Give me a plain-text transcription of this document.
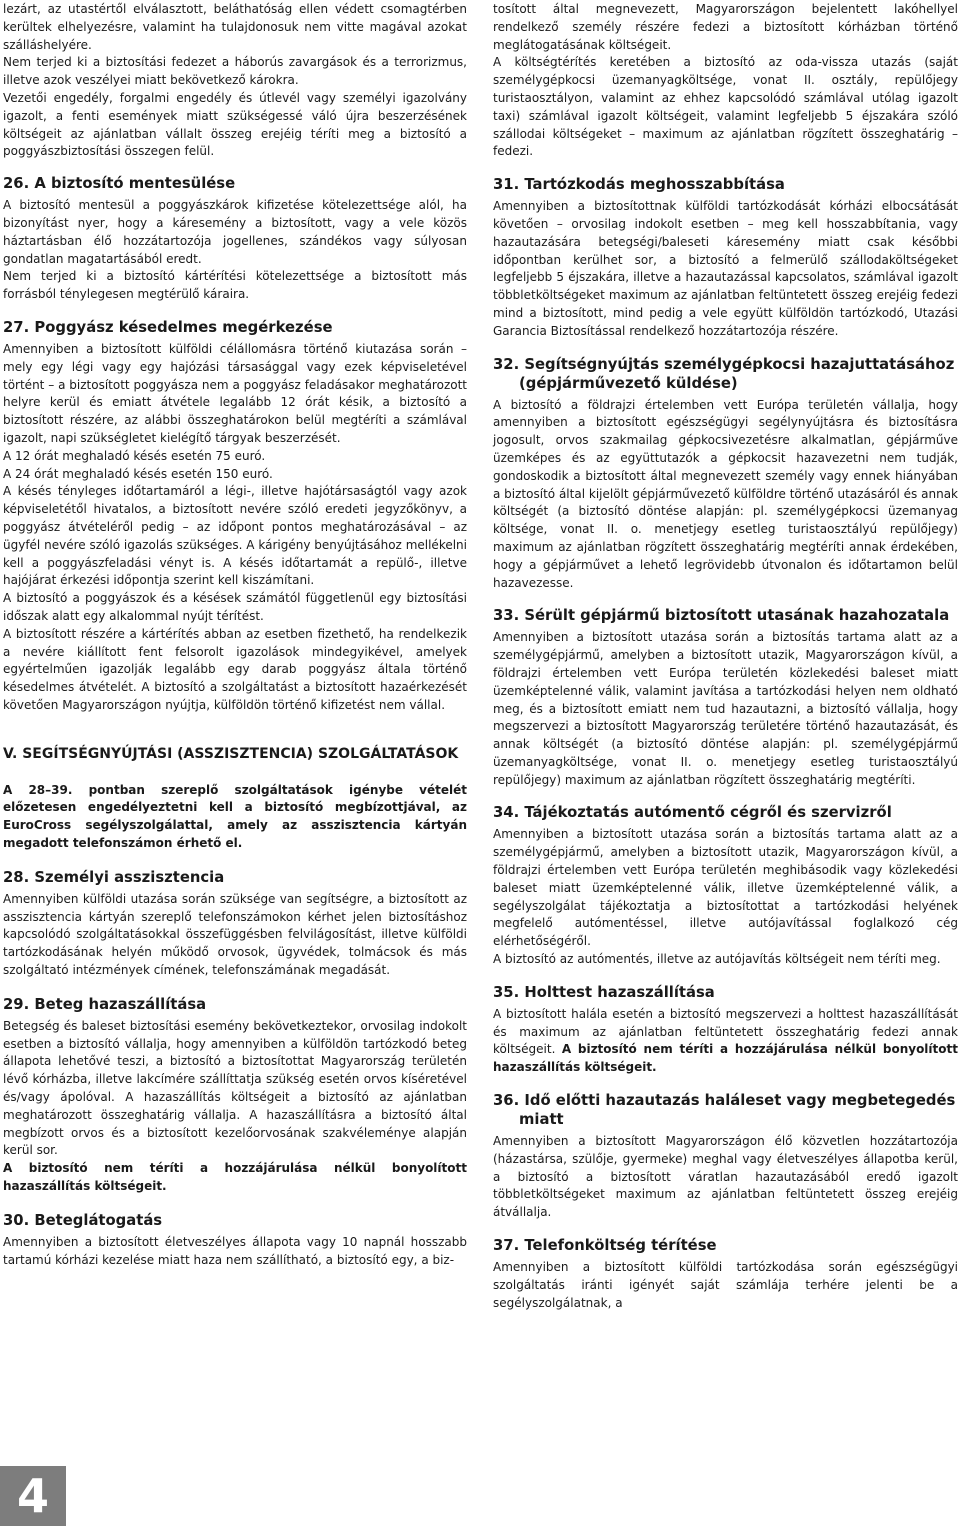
lezárt, az utastértől elválasztott, beláthatóság ellen védett csomagtérben kerültek elhelyezésre, valamint ha tulajdonosuk nem vitte magával azokat szálláshelyére.

Nem terjed ki a biztosítási fedezet a háborús zavargások és a terrorizmus, illetve azok veszélyei miatt bekövetkező károkra.

Vezetői engedély, forgalmi engedély és útlevél vagy személyi igazolvány igazolt, a fenti események miatt szükségessé váló újra beszerzésének költségeit az ajánlatban vállalt összeg erejéig téríti meg a biztosító a poggyászbiztosítási összegen felül.

26. A biztosító mentesülése

A biztosító mentesül a poggyászkárok kifizetése kötelezettsége alól, ha bizonyítást nyer, hogy a káresemény a biztosított, vagy a vele közös háztartásban élő hozzátartozója jogellenes, szándékos vagy súlyosan gondatlan magatartásából eredt.

Nem terjed ki a biztosító kártérítési kötelezettsége a biztosított más forrásból ténylegesen megtérülő káraira.

27. Poggyász késedelmes megérkezése

Amennyiben a biztosított külföldi célállomásra történő kiutazása során – mely egy légi vagy egy hajózási társasággal vagy ezek képviseletével történt – a biztosított poggyásza nem a poggyász feladásakor meghatározott helyre kerül és emiatt átvétele legalább 12 órát késik, a biztosító a biztosított részére, az alábbi összeghatárokon belül megtéríti a számlával igazolt, napi szükségletet kielégítő tárgyak beszerzését.

A 12 órát meghaladó késés esetén 75 euró.

A 24 órát meghaladó késés esetén 150 euró.

A késés tényleges időtartamáról a légi-, illetve hajótársaságtól vagy azok képviseletétől hivatalos, a biztosított nevére szóló eredeti jegyzőkönyv, a poggyász átvételéről pedig – az időpont pontos meghatározásával – az ügyfél nevére szóló igazolás szükséges. A kárigény benyújtásához mellékelni kell a poggyászfeladási vényt is. A késés időtartamát a repülő-, illetve hajójárat érkezési időpontja szerint kell kiszámítani.

A biztosító a poggyászok és a késések számától függetlenül egy biztosítási időszak alatt egy alkalommal nyújt térítést.

A biztosított részére a kártérítés abban az esetben fizethető, ha rendelkezik a nevére kiállított fent felsorolt igazolások mindegyikével, amelyek egyértelműen igazolják legalább egy darab poggyász általa történő késedelmes átvételét. A biztosító a szolgáltatást a biztosított hazaérkezését követően Magyarországon nyújtja, külföldön történő kifizetést nem vállal.

V. SEGÍTSÉGNYÚJTÁSI (ASSZISZTENCIA) SZOLGÁLTATÁSOK

A 28–39. pontban szereplő szolgáltatások igénybe vételét előzetesen engedélyeztetni kell a biztosító megbízottjával, az EuroCross segélyszolgálattal, amely az asszisztencia kártyán megadott telefonszámon érhető el.

28. Személyi asszisztencia

Amennyiben külföldi utazása során szüksége van segítségre, a biztosított az asszisztencia kártyán szereplő telefonszámokon kérhet jelen biztosításhoz kapcsolódó szolgáltatásokkal összefüggésben felvilágosítást, illetve külföldi tartózkodásának helyén működő orvosok, ügyvédek, tolmácsok és más szolgáltató intézmények címének, telefonszámának megadását.

29. Beteg hazaszállítása

Betegség és baleset biztosítási esemény bekövetkeztekor, orvosilag indokolt esetben a biztosító vállalja, hogy amennyiben a külföldön tartózkodó beteg állapota lehetővé teszi, a biztosító a biztosítottat Magyarország területén lévő kórházba, illetve lakcímére szállíttatja szükség esetén orvos kíséretével és/vagy ápolóval. A hazaszállítás költségeit a biztosító az ajánlatban meghatározott összeghatárig vállalja. A hazaszállításra a biztosító által megbízott orvos és a biztosított kezelőorvosának szakvéleménye alapján kerül sor.

A biztosító nem téríti a hozzájárulása nélkül bonyolított hazaszállítás költségeit.

30. Beteglátogatás

Amennyiben a biztosított életveszélyes állapota vagy 10 napnál hosszabb tartamú kórházi kezelése miatt haza nem szállítható, a biztosító egy, a biz-

tosított által megnevezett, Magyarországon bejelentett lakóhellyel rendelkező személy részére fedezi a biztosított kórházban történő meglátogatásának költségeit.

A költségtérítés keretében a biztosító az oda-vissza utazás (saját személygépkocsi üzemanyagköltsége, vonat II. osztály, repülőjegy turistaosztályon, valamint az ehhez kapcsolódó számlával utólag igazolt taxi) számlával igazolt költségeit, valamint legfeljebb 5 éjszakára szóló szállodai költségeket – maximum az ajánlatban rögzített összeghatárig – fedezi.

31. Tartózkodás meghosszabbítása

Amennyiben a biztosítottnak külföldi tartózkodását kórházi elbocsátását követően – orvosilag indokolt esetben – meg kell hosszabbítania, vagy hazautazására betegségi/baleseti káresemény miatt csak későbbi időpontban kerülhet sor, a biztosító a felmerülő szállodaköltségeket legfeljebb 5 éjszakára, illetve a hazautazással kapcsolatos, számlával igazolt többletköltségeket maximum az ajánlatban feltüntetett összeg erejéig fedezi mind a biztosított, mind pedig a vele együtt külföldön tartózkodó, Utazási Garancia Biztosítással rendelkező hozzátartozója részére.

32. Segítségnyújtás személygépkocsi hazajuttatásához (gépjárművezető küldése)

A biztosító a földrajzi értelemben vett Európa területén vállalja, hogy amennyiben a biztosított egészségügyi segélynyújtásra és biztosításra jogosult, orvos szakmailag gépkocsivezetésre alkalmatlan, gépjárműve üzemképes és az együttutazók a gépkocsit hazavezetni nem tudják, gondoskodik a biztosított által megnevezett személy vagy ennek hiányában a biztosító által kijelölt gépjárművezető külföldre történő utazásáról és annak költségét (a biztosító döntése alapján: pl. személygépkocsi üzemanyag költsége, vonat II. o. menetjegy esetleg turistaosztályú repülőjegy) maximum az ajánlatban rögzített összeghatárig megtéríti annak érdekében, hogy a gépjárművet a lehető legrövidebb útvonalon és időtartamon belül hazavezesse.

33. Sérült gépjármű biztosított utasának hazahozatala

Amennyiben a biztosított utazása során a biztosítás tartama alatt az a személygépjármű, amelyben a biztosított utazik, Magyarországon kívül, a földrajzi értelemben vett Európa területén közlekedési baleset miatt üzemképtelenné válik, valamint javítása a tartózkodási helyen nem oldható meg, és a biztosított emiatt nem tud hazautazni, a biztosító vállalja, hogy megszervezi a biztosított Magyarország területére történő hazautazását, és annak költségét (a biztosító döntése alapján: pl. személygépjármű üzemanyagköltsége, vonat II. o. menetjegy esetleg turistaosztályú repülőjegy) maximum az ajánlatban rögzített összeghatárig megtéríti.

34. Tájékoztatás autómentő cégről és szervizről

Amennyiben a biztosított utazása során a biztosítás tartama alatt az a személygépjármű, amelyben a biztosított utazik, Magyarországon kívül, a földrajzi értelemben vett Európa területén meghibásodik vagy közlekedési baleset miatt üzemképtelenné válik, illetve üzemképtelenné válik, a segélyszolgálat tájékoztatja a biztosítottat a tartózkodási helyének megfelelő autómentéssel, illetve autójavítással foglalkozó cég elérhetőségéről.

A biztosító az autómentés, illetve az autójavítás költségeit nem téríti meg.

35. Holttest hazaszállítása

A biztosított halála esetén a biztosító megszervezi a holttest hazaszállítását és maximum az ajánlatban feltüntetett összeghatárig fedezi annak költségeit. A biztosító nem téríti a hozzájárulása nélkül bonyolított hazaszállítás költségeit.

36. Idő előtti hazautazás haláleset vagy megbetegedés miatt

Amennyiben a biztosított Magyarországon élő közvetlen hozzátartozója (házastársa, szülője, gyermeke) meghal vagy életveszélyes állapotba kerül, a biztosító a biztosított váratlan hazautazásából eredő igazolt többletköltségeket maximum az ajánlatban feltüntetett összeg erejéig átvállalja.

37. Telefonköltség térítése

Amennyiben a biztosított külföldi tartózkodása során egészségügyi szolgáltatás iránti igényét saját számlája terhére jelenti be a segélyszolgálatnak, a

4
